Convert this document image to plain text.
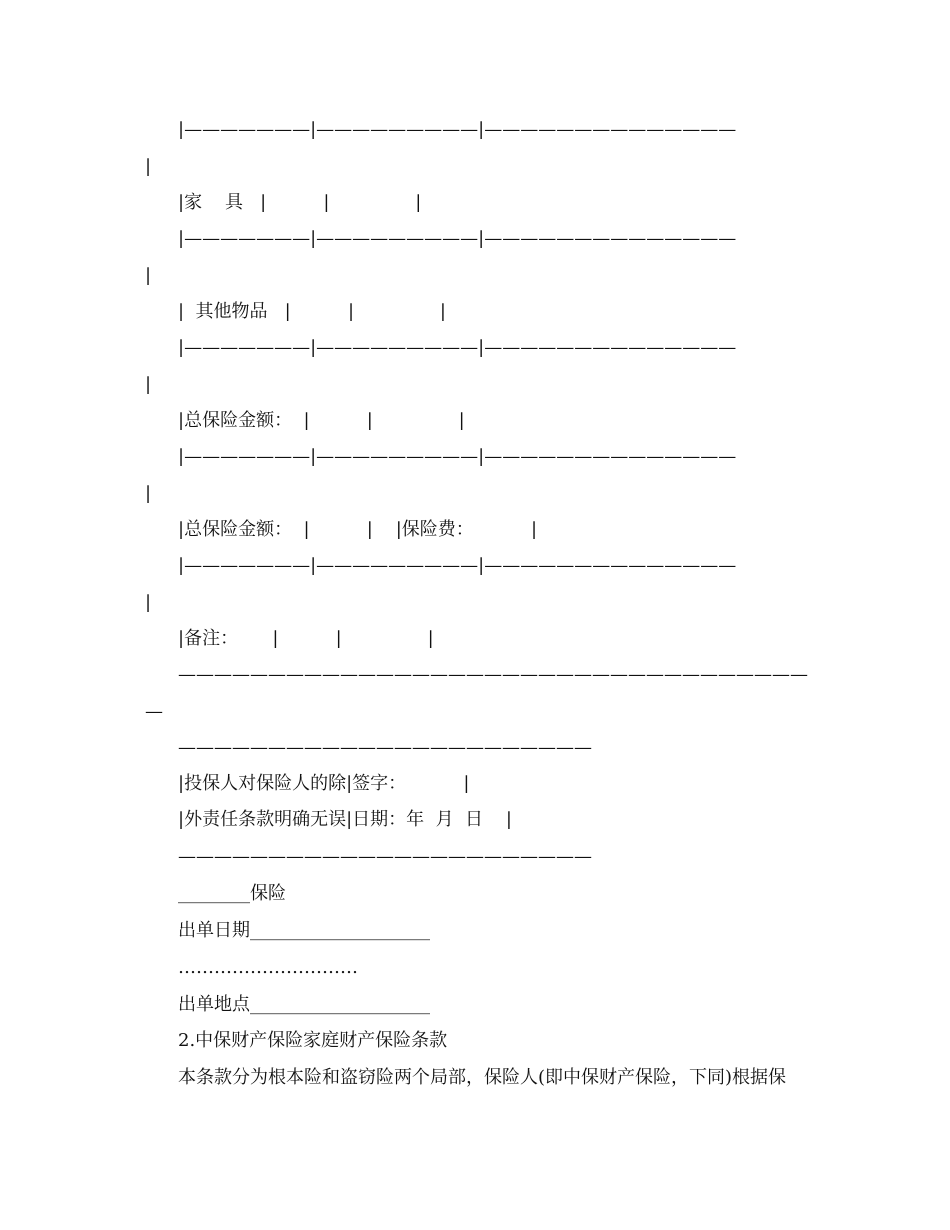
|———————|—————————|——————————————
|
|家    具   |          |               |
|———————|—————————|——————————————
|
|  其他物品   |          |               |
|———————|—————————|——————————————
|
|总保险金额：  |          |               |
|———————|—————————|——————————————
|
|总保险金额：  |          |    |保险费：          |
|———————|—————————|——————————————
|
|备注：      |          |               |
———————————————————————————————————
—
———————————————————————
|投保人对保险人的除|签字：          |
|外责任条款明确无误|日期：年  月  日    |
———————————————————————
________保险
出单日期____________________
…………………………
出单地点____________________
2.中保财产保险家庭财产保险条款
本条款分为根本险和盗窃险两个局部，保险人(即中保财产保险，下同)根据保
